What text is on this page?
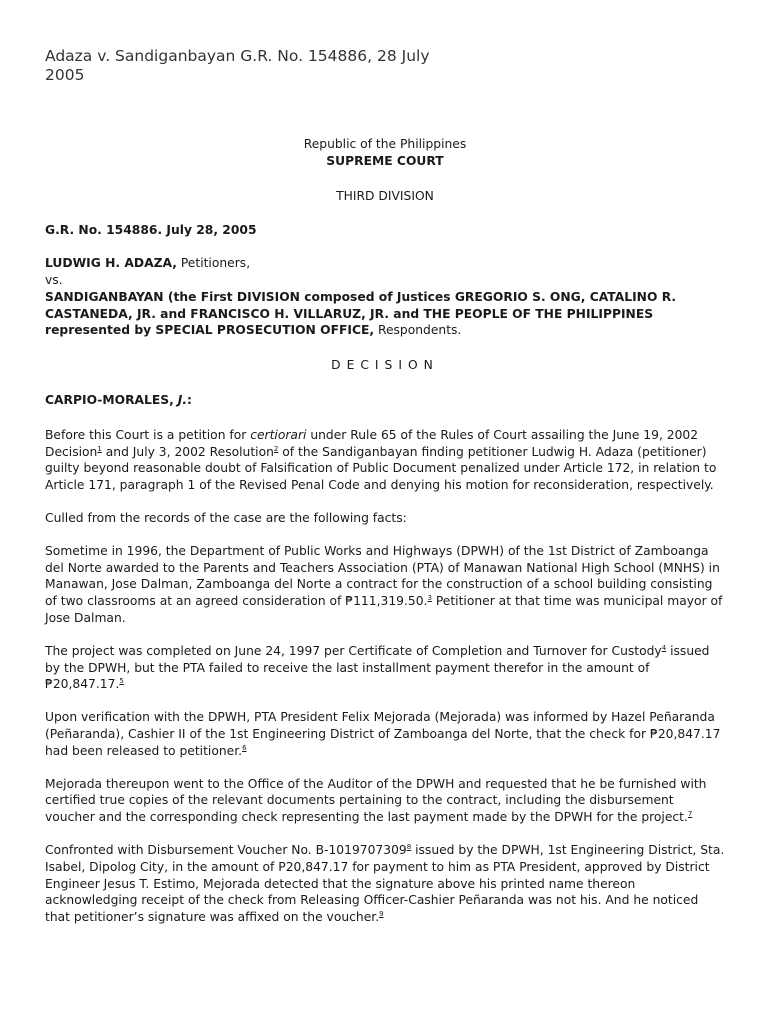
Adaza v. Sandiganbayan G.R. No. 154886, 28 July 2005
Republic of the Philippines
SUPREME COURT
THIRD DIVISION
G.R. No. 154886. July 28, 2005
LUDWIG H. ADAZA, Petitioners,
vs.
SANDIGANBAYAN (the First DIVISION composed of Justices GREGORIO S. ONG, CATALINO R. CASTANEDA, JR. and FRANCISCO H. VILLARUZ, JR. and THE PEOPLE OF THE PHILIPPINES represented by SPECIAL PROSECUTION OFFICE, Respondents.
DECISION
CARPIO-MORALES, J.:

Before this Court is a petition for certiorari under Rule 65 of the Rules of Court assailing the June 19, 2002 Decision$^1$ and July 3, 2002 Resolution$^2$ of the Sandiganbayan finding petitioner Ludwig H. Adaza (petitioner) guilty beyond reasonable doubt of Falsification of Public Document penalized under Article 172, in relation to Article 171, paragraph 1 of the Revised Penal Code and denying his motion for reconsideration, respectively.

Culled from the records of the case are the following facts:

Sometime in 1996, the Department of Public Works and Highways (DPWH) of the 1st District of Zamboanga del Norte awarded to the Parents and Teachers Association (PTA) of Manawan National High School (MNHS) in Manawan, Jose Dalman, Zamboanga del Norte a contract for the construction of a school building consisting of two classrooms at an agreed consideration of ₱111,319.50.$^3$ Petitioner at that time was municipal mayor of Jose Dalman.

The project was completed on June 24, 1997 per Certificate of Completion and Turnover for Custody$^4$ issued by the DPWH, but the PTA failed to receive the last installment payment therefor in the amount of ₱20,847.17.$^5$

Upon verification with the DPWH, PTA President Felix Mejorada (Mejorada) was informed by Hazel Peñaranda (Peñaranda), Cashier II of the 1st Engineering District of Zamboanga del Norte, that the check for ₱20,847.17 had been released to petitioner.$^6$

Mejorada thereupon went to the Office of the Auditor of the DPWH and requested that he be furnished with certified true copies of the relevant documents pertaining to the contract, including the disbursement voucher and the corresponding check representing the last payment made by the DPWH for the project.$^7$

Confronted with Disbursement Voucher No. B-1019707309$^8$ issued by the DPWH, 1st Engineering District, Sta. Isabel, Dipolog City, in the amount of P20,847.17 for payment to him as PTA President, approved by District Engineer Jesus T. Estimo, Mejorada detected that the signature above his printed name thereon acknowledging receipt of the check from Releasing Officer-Cashier Peñaranda was not his. And he noticed that petitioner’s signature was affixed on the voucher.$^9$
